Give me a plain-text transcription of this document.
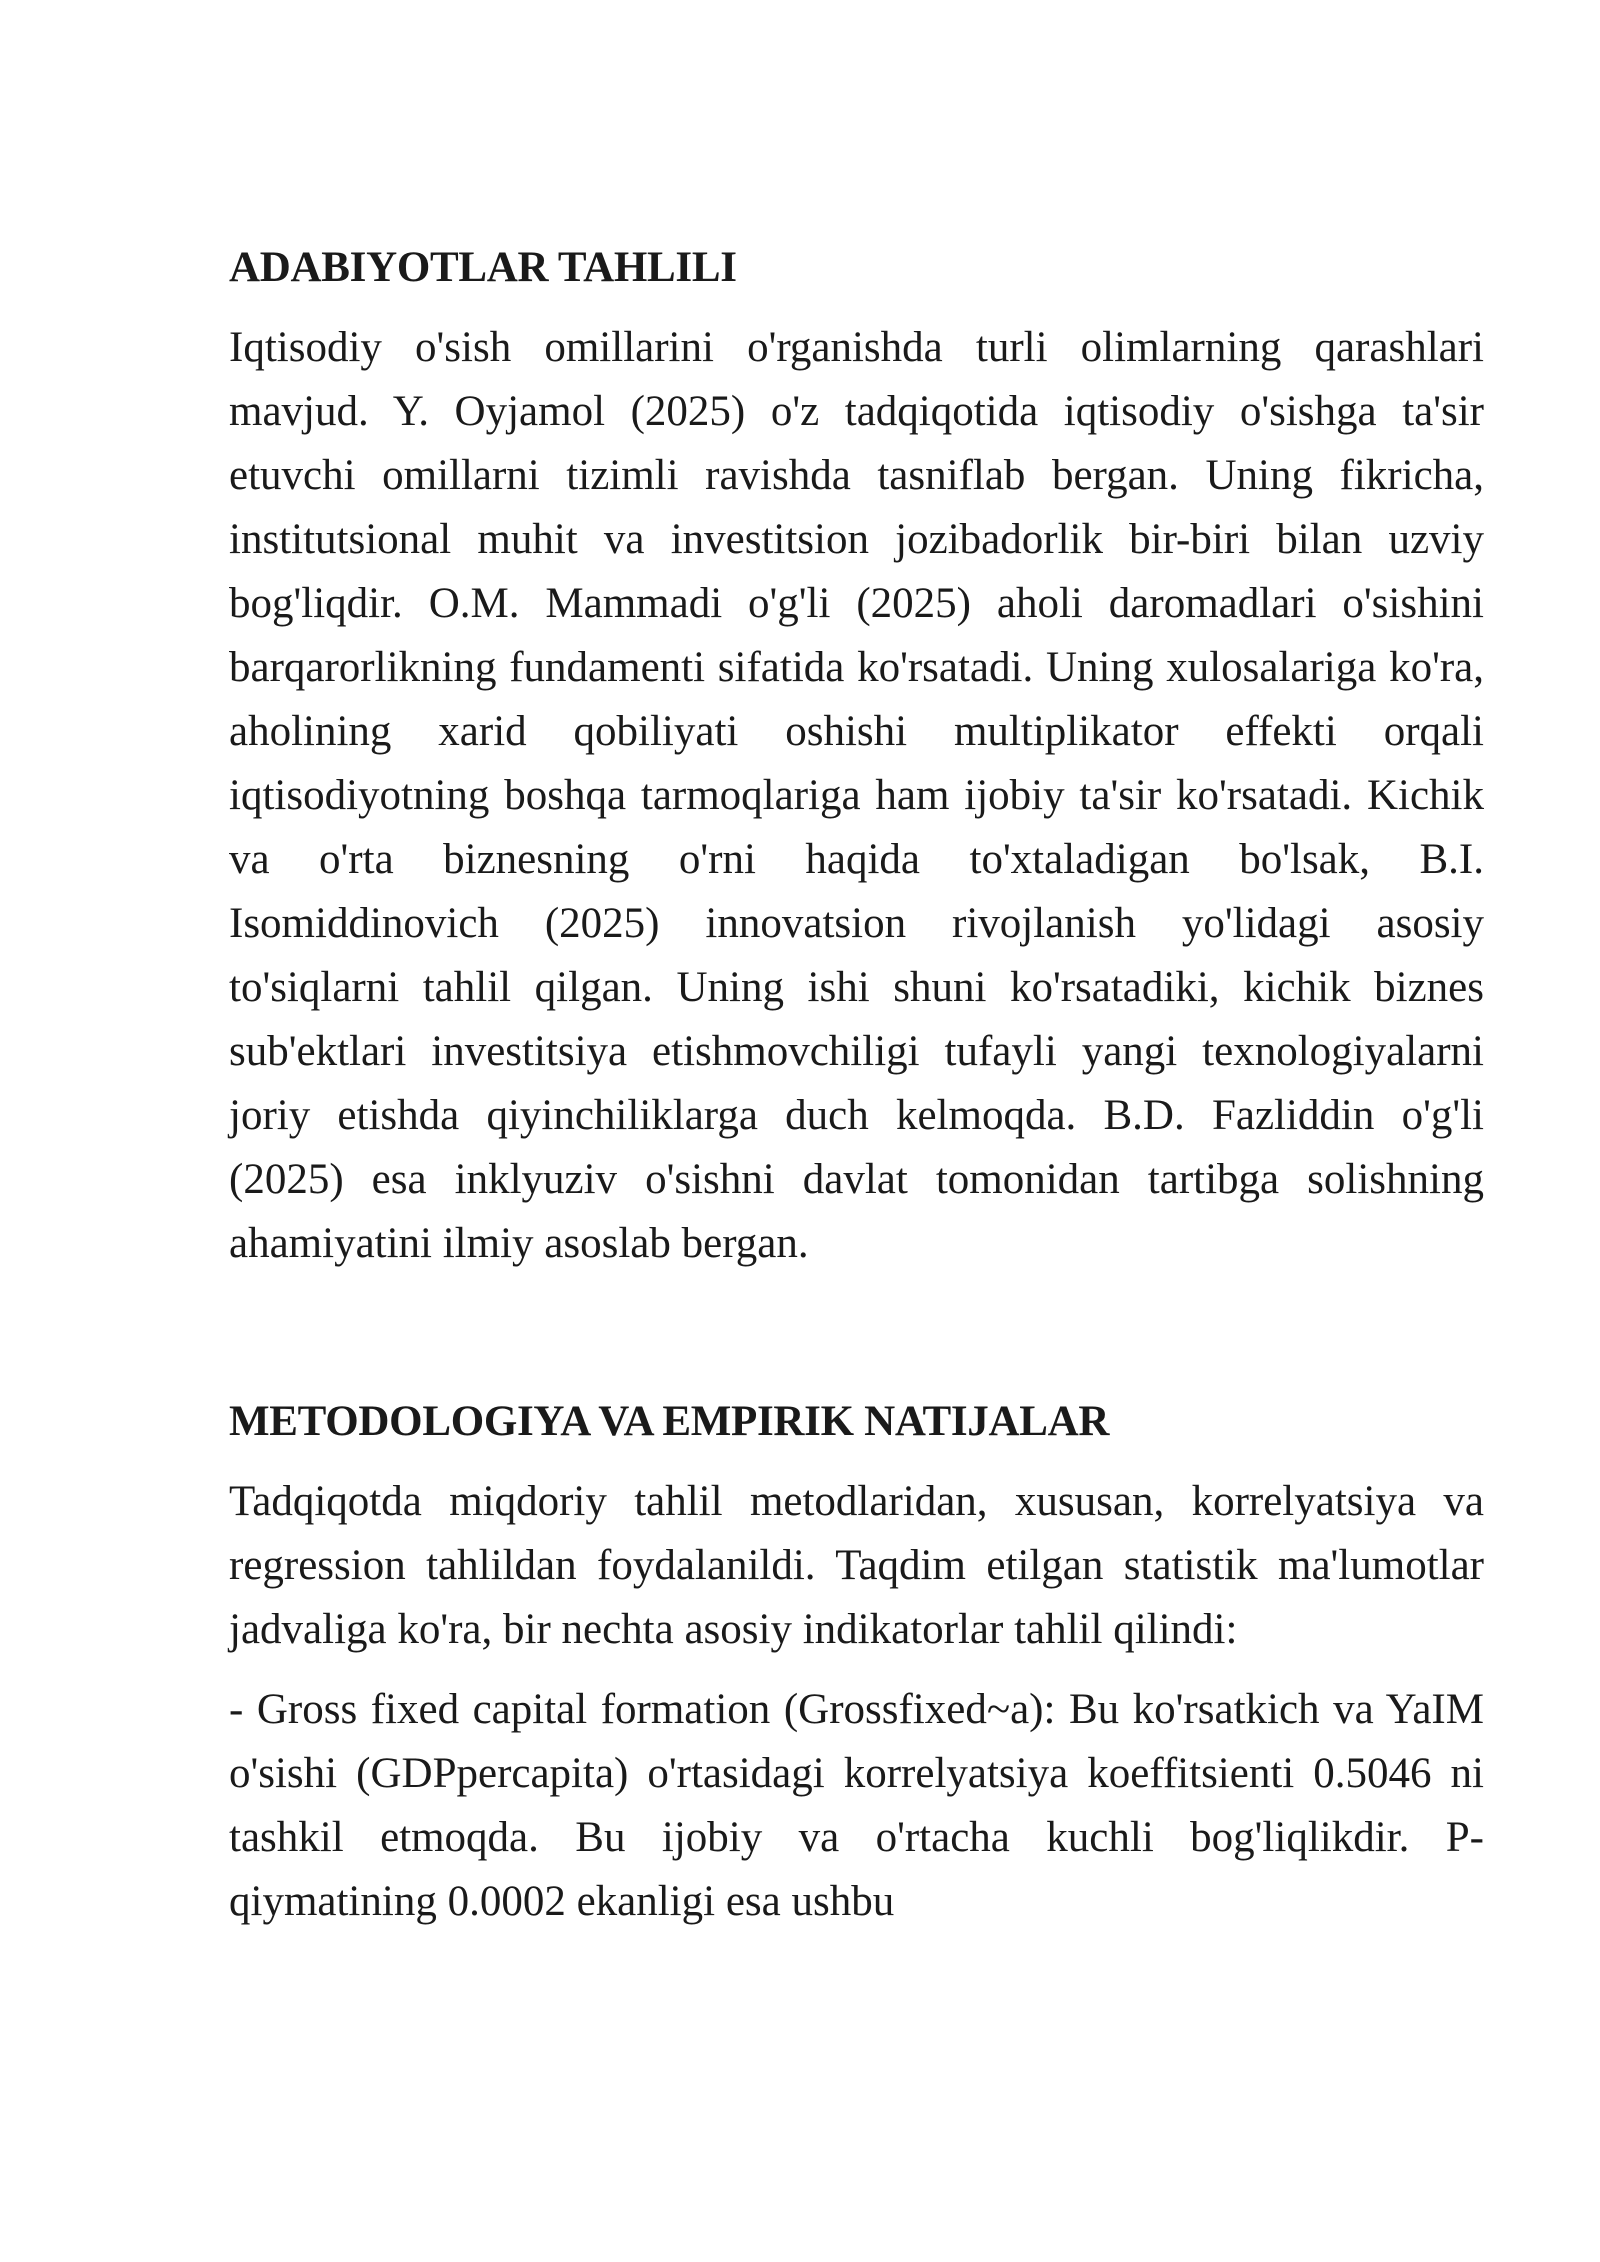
ADABIYOTLAR TAHLILI

Iqtisodiy o'sish omillarini o'rganishda turli olimlarning qarashlari mavjud. Y. Oyjamol (2025) o'z tadqiqotida iqtisodiy o'sishga ta'sir etuvchi omillarni tizimli ravishda tasniflab bergan. Uning fikricha, institutsional muhit va investitsion jozibadorlik bir-biri bilan uzviy bog'liqdir. O.M. Mammadi o'g'li (2025) aholi daromadlari o'sishini barqarorlikning fundamenti sifatida ko'rsatadi. Uning xulosalariga ko'ra, aholining xarid qobiliyati oshishi multiplikator effekti orqali iqtisodiyotning boshqa tarmoqlariga ham ijobiy ta'sir ko'rsatadi. Kichik va o'rta biznesning o'rni haqida to'xtaladigan bo'lsak, B.I. Isomiddinovich (2025) innovatsion rivojlanish yo'lidagi asosiy to'siqlarni tahlil qilgan. Uning ishi shuni ko'rsatadiki, kichik biznes sub'ektlari investitsiya etishmovchiligi tufayli yangi texnologiyalarni joriy etishda qiyinchiliklarga duch kelmoqda. B.D. Fazliddin o'g'li (2025) esa inklyuziv o'sishni davlat tomonidan tartibga solishning ahamiyatini ilmiy asoslab bergan.

METODOLOGIYA VA EMPIRIK NATIJALAR

Tadqiqotda miqdoriy tahlil metodlaridan, xususan, korrelyatsiya va regression tahlildan foydalanildi. Taqdim etilgan statistik ma'lumotlar jadvaliga ko'ra, bir nechta asosiy indikatorlar tahlil qilindi:

- Gross fixed capital formation (Grossfixed~a): Bu ko'rsatkich va YaIM o'sishi (GDPpercapita) o'rtasidagi korrelyatsiya koeffitsienti 0.5046 ni tashkil etmoqda. Bu ijobiy va o'rtacha kuchli bog'liqlikdir. P-qiymatining 0.0002 ekanligi esa ushbu
